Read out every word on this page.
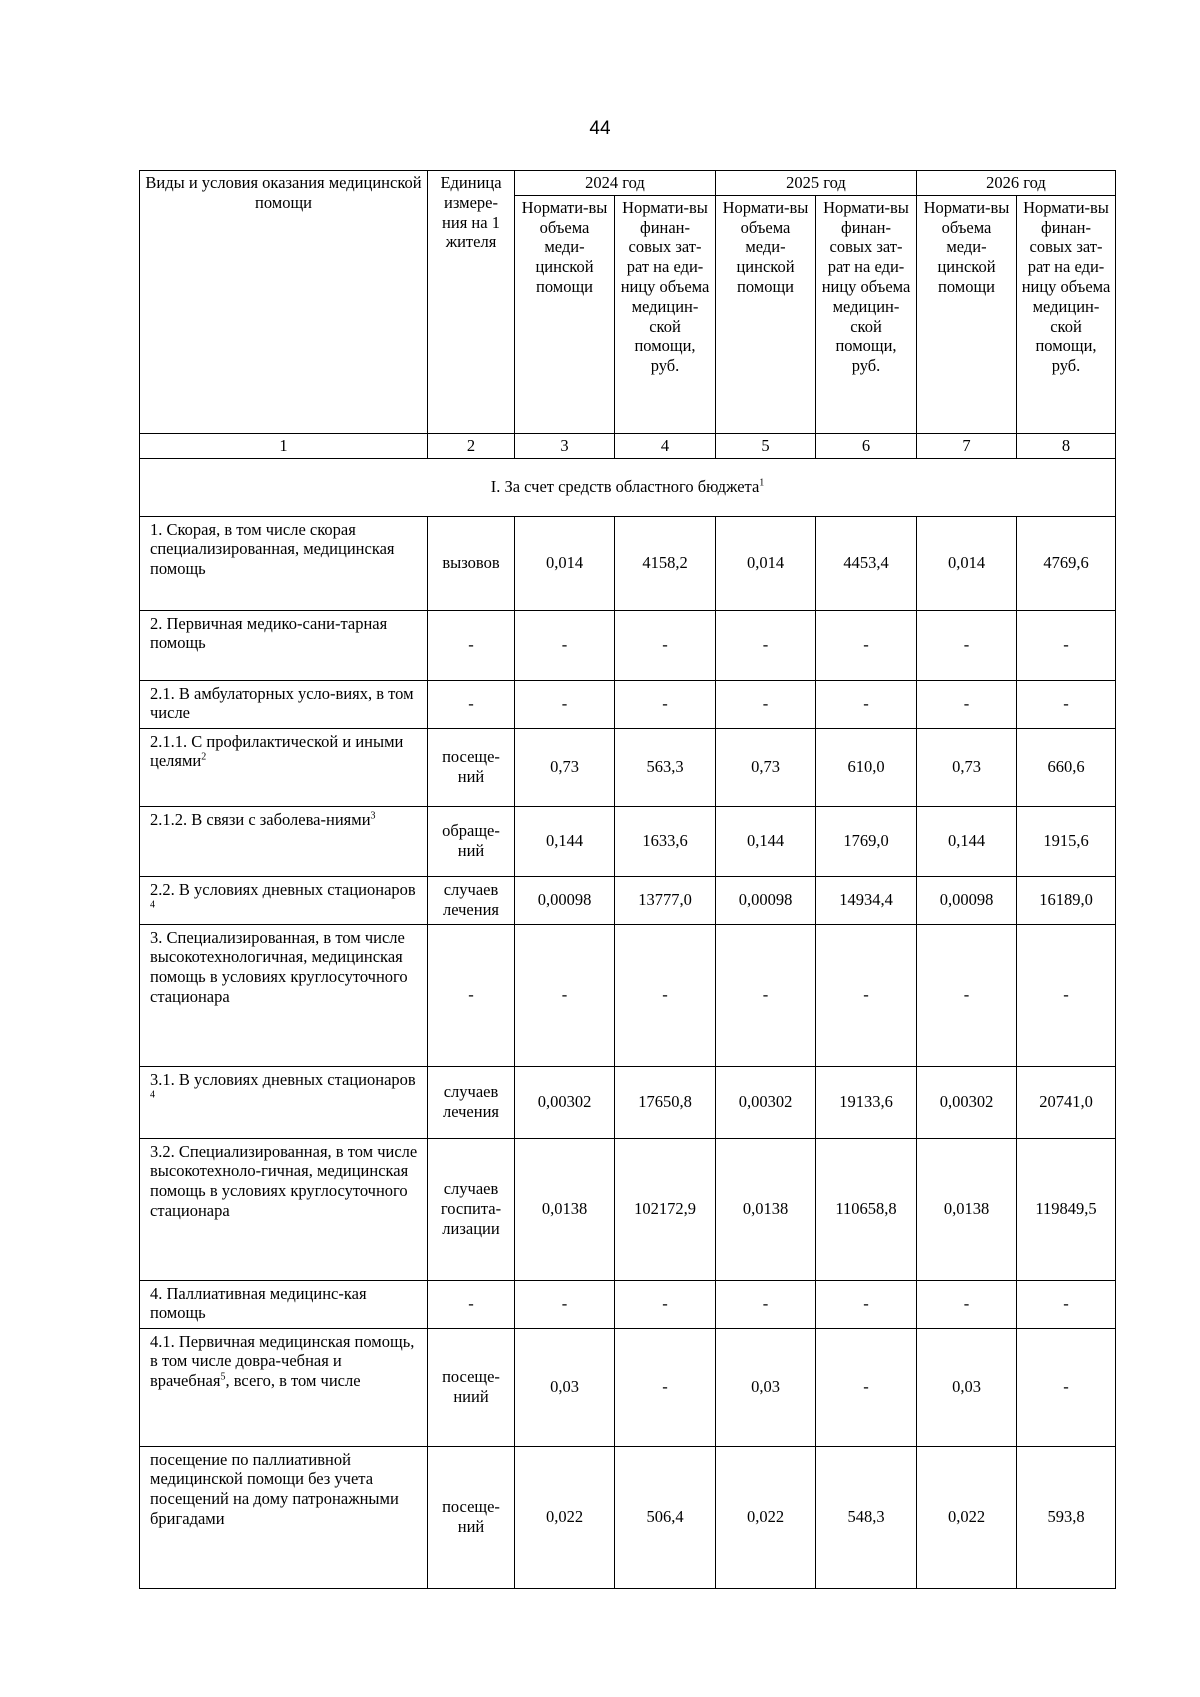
44
Виды и условия оказания медицинской помощи	Единица измере-ния на 1 жителя	2024 год		2025 год		2026 год	
		Нормати-вы объема меди-цинской помощи	Нормати-вы финан-совых зат-рат на еди-ницу объема медицин-ской помощи, руб.	Нормати-вы объема меди-цинской помощи	Нормати-вы финан-совых зат-рат на еди-ницу объема медицин-ской помощи, руб.	Нормати-вы объема меди-цинской помощи	Нормати-вы финан-совых зат-рат на еди-ницу объема медицин-ской помощи, руб.
1	2	3	4	5	6	7	8
I. За счет средств областного бюджета$^1$
1. Скорая, в том числе скорая специализированная, медицинская помощь	вызовов	0,014	4158,2	0,014	4453,4	0,014	4769,6
2. Первичная медико-сани-тарная помощь	-	-	-	-	-	-	-
2.1. В амбулаторных усло-виях, в том числе	-	-	-	-	-	-	-
2.1.1. С профилактической и иными целями$^2$	посеще-ний	0,73	563,3	0,73	610,0	0,73	660,6
2.1.2. В связи с заболева-ниями$^3$	обраще-ний	0,144	1633,6	0,144	1769,0	0,144	1915,6
2.2. В условиях дневных стационаров $^4$	случаев лечения	0,00098	13777,0	0,00098	14934,4	0,00098	16189,0
3. Специализированная, в том числе высокотехнологичная, медицинская помощь в условиях круглосуточного стационара	-	-	-	-	-	-	-
3.1. В условиях дневных стационаров $^4$	случаев лечения	0,00302	17650,8	0,00302	19133,6	0,00302	20741,0
3.2. Специализированная, в том числе высокотехноло-гичная, медицинская помощь в условиях круглосуточного стационара	случаев госпита-лизации	0,0138	102172,9	0,0138	110658,8	0,0138	119849,5
4. Паллиативная медицинс-кая помощь	-	-	-	-	-	-	-
4.1. Первичная медицинская помощь, в том числе довра-чебная и врачебная$^5$, всего, в том числе	посеще-ниий	0,03	-	0,03	-	0,03	-
посещение по паллиативной медицинской помощи без учета посещений на дому патронажными бригадами	посеще-ний	0,022	506,4	0,022	548,3	0,022	593,8
